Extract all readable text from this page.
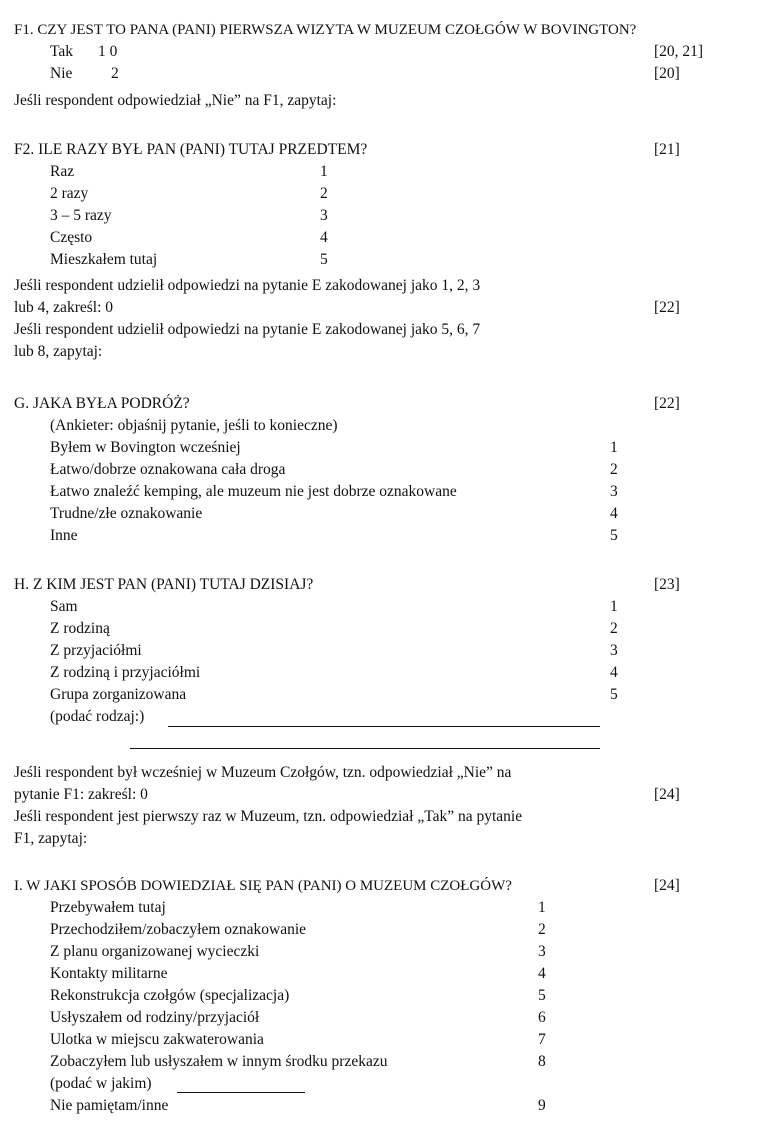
F1. CZY JEST TO PANA (PANI) PIERWSZA WIZYTA W MUZEUM CZOŁGÓW W BOVINGTON?
Tak 1 0	[20, 21]
Nie 2	[20]
Jeśli respondent odpowiedział „Nie” na F1, zapytaj:
F2. ILE RAZY BYŁ PAN (PANI) TUTAJ PRZEDTEM?	[21]
Raz	1
2 razy	2
3 – 5 razy	3
Często	4
Mieszkałem tutaj	5
Jeśli respondent udzielił odpowiedzi na pytanie E zakodowanej jako 1, 2, 3
lub 4, zakreśl: 0	[22]
Jeśli respondent udzielił odpowiedzi na pytanie E zakodowanej jako 5, 6, 7
lub 8, zapytaj:
G. JAKA BYŁA PODRÓŻ?	[22]
(Ankieter: objaśnij pytanie, jeśli to konieczne)
Byłem w Bovington wcześniej	1
Łatwo/dobrze oznakowana cała droga	2
Łatwo znaleźć kemping, ale muzeum nie jest dobrze oznakowane	3
Trudne/złe oznakowanie	4
Inne	5
H. Z KIM JEST PAN (PANI) TUTAJ DZISIAJ?	[23]
Sam	1
Z rodziną	2
Z przyjaciółmi	3
Z rodziną i przyjaciółmi	4
Grupa zorganizowana	5
(podać rodzaj:)
Jeśli respondent był wcześniej w Muzeum Czołgów, tzn. odpowiedział „Nie” na
pytanie F1: zakreśl: 0	[24]
Jeśli respondent jest pierwszy raz w Muzeum, tzn. odpowiedział „Tak” na pytanie
F1, zapytaj:
I. W JAKI SPOSÓB DOWIEDZIAŁ SIĘ PAN (PANI) O MUZEUM CZOŁGÓW?	[24]
Przebywałem tutaj	1
Przechodziłem/zobaczyłem oznakowanie	2
Z planu organizowanej wycieczki	3
Kontakty militarne	4
Rekonstrukcja czołgów (specjalizacja)	5
Usłyszałem od rodziny/przyjaciół	6
Ulotka w miejscu zakwaterowania	7
Zobaczyłem lub usłyszałem w innym środku przekazu	8
(podać w jakim)
Nie pamiętam/inne	9
